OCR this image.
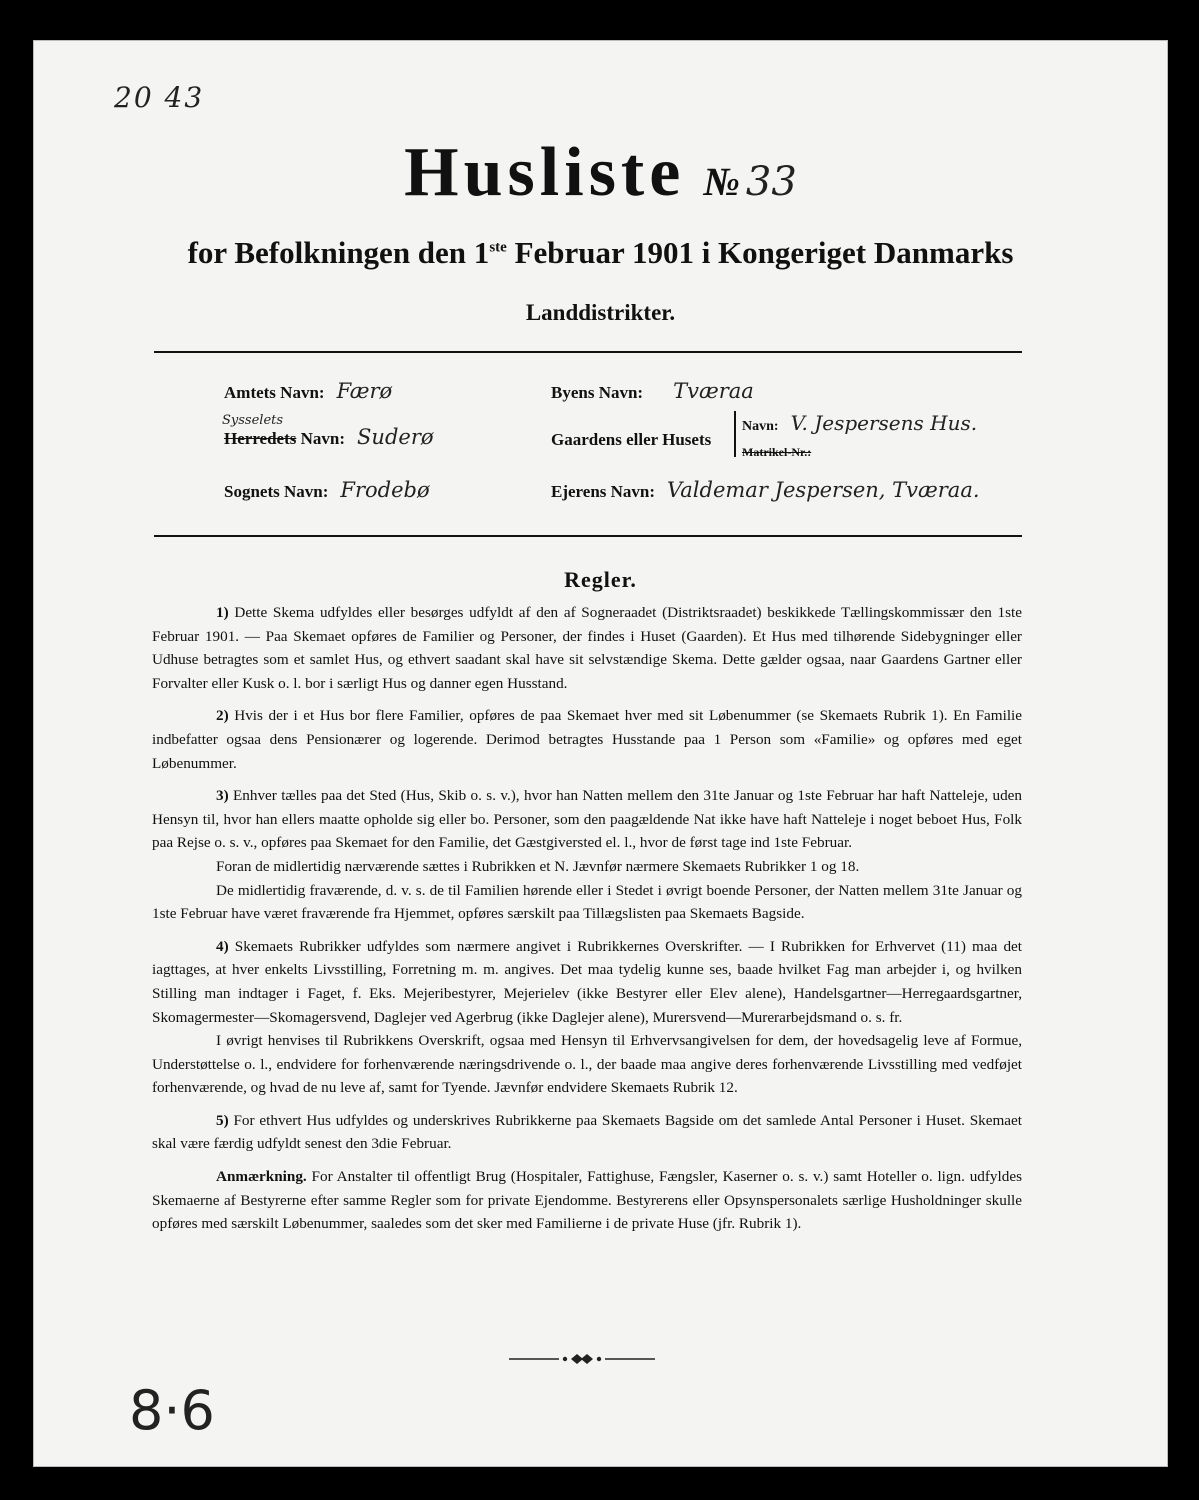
20 43
Husliste № 33
for Befolkningen den 1ste Februar 1901 i Kongeriget Danmarks
Landdistrikter.
Amtets Navn: Færø
Sysselets
Herredets Navn: Suderø
Sognets Navn: Frodebø
Byens Navn: Tværaa
Gaardens eller Husets
Navn: V. Jespersens Hus.
Matrikel-Nr.:
Ejerens Navn: Valdemar Jespersen, Tværaa.
Regler.

1) Dette Skema udfyldes eller besørges udfyldt af den af Sogneraadet (Distriktsraadet) beskikkede Tællingskommissær den 1ste Februar 1901. — Paa Skemaet opføres de Familier og Personer, der findes i Huset (Gaarden). Et Hus med tilhørende Sidebygninger eller Udhuse betragtes som et samlet Hus, og ethvert saadant skal have sit selvstændige Skema. Dette gælder ogsaa, naar Gaardens Gartner eller Forvalter eller Kusk o. l. bor i særligt Hus og danner egen Husstand.

2) Hvis der i et Hus bor flere Familier, opføres de paa Skemaet hver med sit Løbenummer (se Skemaets Rubrik 1). En Familie indbefatter ogsaa dens Pensionærer og logerende. Derimod betragtes Husstande paa 1 Person som «Familie» og opføres med eget Løbenummer.

3) Enhver tælles paa det Sted (Hus, Skib o. s. v.), hvor han Natten mellem den 31te Januar og 1ste Februar har haft Natteleje, uden Hensyn til, hvor han ellers maatte opholde sig eller bo. Personer, som den paagældende Nat ikke have haft Natteleje i noget beboet Hus, Folk paa Rejse o. s. v., opføres paa Skemaet for den Familie, det Gæstgiversted el. l., hvor de først tage ind 1ste Februar.

Foran de midlertidig nærværende sættes i Rubrikken et N. Jævnfør nærmere Skemaets Rubrikker 1 og 18.

De midlertidig fraværende, d. v. s. de til Familien hørende eller i Stedet i øvrigt boende Personer, der Natten mellem 31te Januar og 1ste Februar have været fraværende fra Hjemmet, opføres særskilt paa Tillægslisten paa Skemaets Bagside.

4) Skemaets Rubrikker udfyldes som nærmere angivet i Rubrikkernes Overskrifter. — I Rubrikken for Erhvervet (11) maa det iagttages, at hver enkelts Livsstilling, Forretning m. m. angives. Det maa tydelig kunne ses, baade hvilket Fag man arbejder i, og hvilken Stilling man indtager i Faget, f. Eks. Mejeribestyrer, Mejerielev (ikke Bestyrer eller Elev alene), Handelsgartner—Herregaardsgartner, Skomagermester—Skomagersvend, Daglejer ved Agerbrug (ikke Daglejer alene), Murersvend—Murerarbejdsmand o. s. fr.

I øvrigt henvises til Rubrikkens Overskrift, ogsaa med Hensyn til Erhvervsangivelsen for dem, der hovedsagelig leve af Formue, Understøttelse o. l., endvidere for forhenværende næringsdrivende o. l., der baade maa angive deres forhenværende Livsstilling med vedføjet forhenværende, og hvad de nu leve af, samt for Tyende. Jævnfør endvidere Skemaets Rubrik 12.

5) For ethvert Hus udfyldes og underskrives Rubrikkerne paa Skemaets Bagside om det samlede Antal Personer i Huset. Skemaet skal være færdig udfyldt senest den 3die Februar.

Anmærkning. For Anstalter til offentligt Brug (Hospitaler, Fattighuse, Fængsler, Kaserner o. s. v.) samt Hoteller o. lign. udfyldes Skemaerne af Bestyrerne efter samme Regler som for private Ejendomme. Bestyrerens eller Opsynspersonalets særlige Husholdninger skulle opføres med særskilt Løbenummer, saaledes som det sker med Familierne i de private Huse (jfr. Rubrik 1).

8·6
